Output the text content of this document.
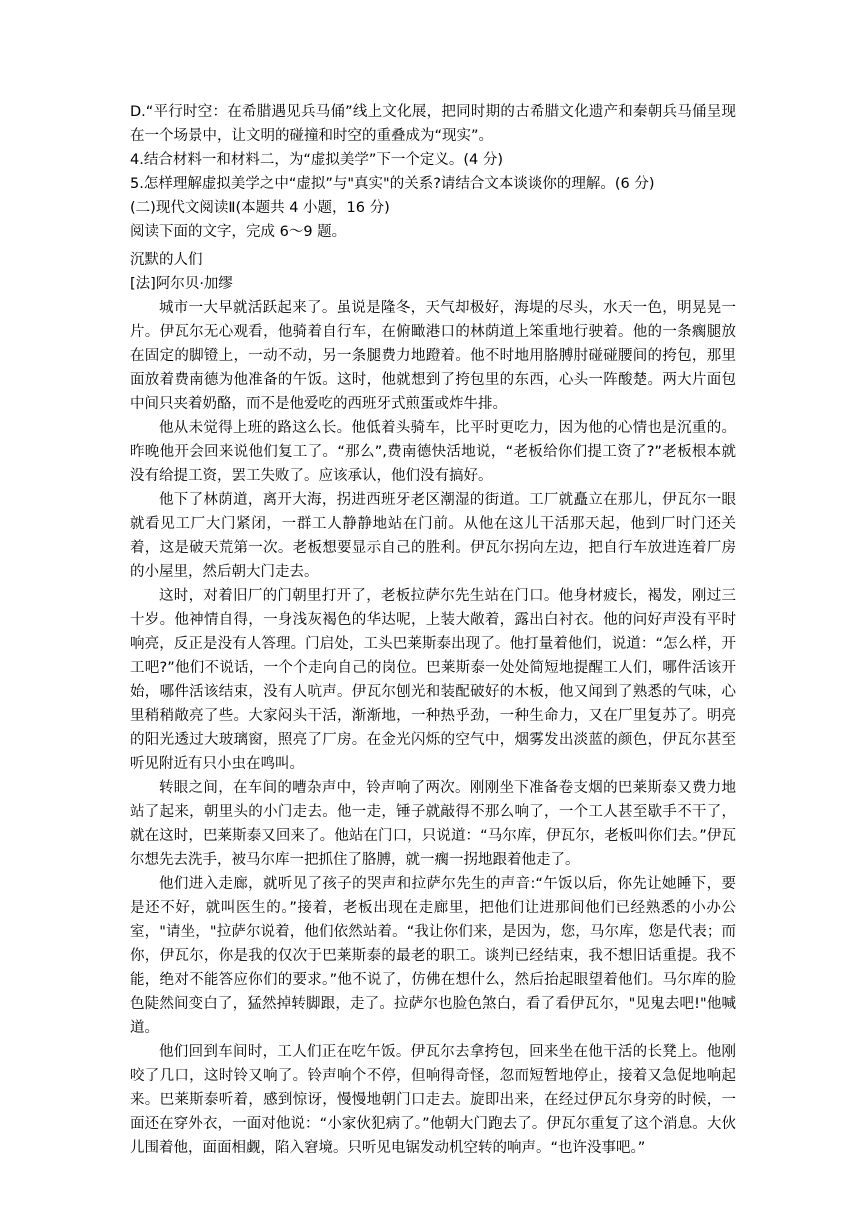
D.“平行时空：在希腊遇见兵马俑”线上文化展，把同时期的古希腊文化遗产和秦朝兵马俑呈现在一个场景中，让文明的碰撞和时空的重叠成为“现实”。

4.结合材料一和材料二，为“虚拟美学”下一个定义。(4 分)

5.怎样理解虚拟美学之中“虚拟”与"真实"的关系?请结合文本谈谈你的理解。(6 分)

(二)现代文阅读Ⅱ(本题共 4 小题，16 分)

阅读下面的文字，完成 6～9 题。

沉默的人们

[法]阿尔贝·加缪

城市一大早就活跃起来了。虽说是隆冬，天气却极好，海堤的尽头，水天一色，明晃晃一片。伊瓦尔无心观看，他骑着自行车，在俯瞰港口的林荫道上笨重地行驶着。他的一条瘸腿放在固定的脚镫上，一动不动，另一条腿费力地蹬着。他不时地用胳膊肘碰碰腰间的挎包，那里面放着费南德为他准备的午饭。这时，他就想到了挎包里的东西，心头一阵酸楚。两大片面包中间只夹着奶酪，而不是他爱吃的西班牙式煎蛋或炸牛排。

他从未觉得上班的路这么长。他低着头骑车，比平时更吃力，因为他的心情也是沉重的。昨晚他开会回来说他们复工了。“那么”,费南德快活地说，“老板给你们提工资了?”老板根本就没有给提工资，罢工失败了。应该承认，他们没有搞好。

他下了林荫道，离开大海，拐进西班牙老区潮湿的街道。工厂就矗立在那儿，伊瓦尔一眼就看见工厂大门紧闭，一群工人静静地站在门前。从他在这儿干活那天起，他到厂时门还关着，这是破天荒第一次。老板想要显示自己的胜利。伊瓦尔拐向左边，把自行车放进连着厂房的小屋里，然后朝大门走去。

这时，对着旧厂的门朝里打开了，老板拉萨尔先生站在门口。他身材疲长，褐发，刚过三十岁。他神情自得，一身浅灰褐色的华达呢，上装大敞着，露出白衬衣。他的问好声没有平时响亮，反正是没有人答理。门启处，工头巴莱斯泰出现了。他打量着他们，说道：“怎么样，开工吧?”他们不说话，一个个走向自己的岗位。巴莱斯泰一处处简短地提醒工人们，哪件活该开始，哪件活该结束，没有人吭声。伊瓦尔刨光和装配破好的木板，他又闻到了熟悉的气味，心里稍稍敞亮了些。大家闷头干活，渐渐地，一种热乎劲，一种生命力，又在厂里复苏了。明亮的阳光透过大玻璃窗，照亮了厂房。在金光闪烁的空气中，烟雾发出淡蓝的颜色，伊瓦尔甚至听见附近有只小虫在鸣叫。

转眼之间，在车间的嘈杂声中，铃声响了两次。刚刚坐下准备卷支烟的巴莱斯泰又费力地站了起来，朝里头的小门走去。他一走，锤子就敲得不那么响了，一个工人甚至歇手不干了，就在这时，巴莱斯泰又回来了。他站在门口，只说道：“马尔库，伊瓦尔，老板叫你们去。”伊瓦尔想先去洗手，被马尔库一把抓住了胳膊，就一瘸一拐地跟着他走了。

他们进入走廊，就听见了孩子的哭声和拉萨尔先生的声音:“午饭以后，你先让她睡下，要是还不好，就叫医生的。”接着，老板出现在走廊里，把他们让进那间他们已经熟悉的小办公室，"请坐，"拉萨尔说着，他们依然站着。“我让你们来，是因为，您，马尔库，您是代表；而你，伊瓦尔，你是我的仅次于巴莱斯泰的最老的职工。谈判已经结束，我不想旧话重提。我不能，绝对不能答应你们的要求。”他不说了，仿佛在想什么，然后抬起眼望着他们。马尔库的脸色陡然间变白了，猛然掉转脚跟，走了。拉萨尔也脸色煞白，看了看伊瓦尔，"见鬼去吧!"他喊道。

他们回到车间时，工人们正在吃午饭。伊瓦尔去拿挎包，回来坐在他干活的长凳上。他刚咬了几口，这时铃又响了。铃声响个不停，但响得奇怪，忽而短暂地停止，接着又急促地响起来。巴莱斯泰听着，感到惊讶，慢慢地朝门口走去。旋即出来，在经过伊瓦尔身旁的时候，一面还在穿外衣，一面对他说：“小家伙犯病了。”他朝大门跑去了。伊瓦尔重复了这个消息。大伙儿围着他，面面相觑，陷入窘境。只听见电锯发动机空转的响声。“也许没事吧。”
